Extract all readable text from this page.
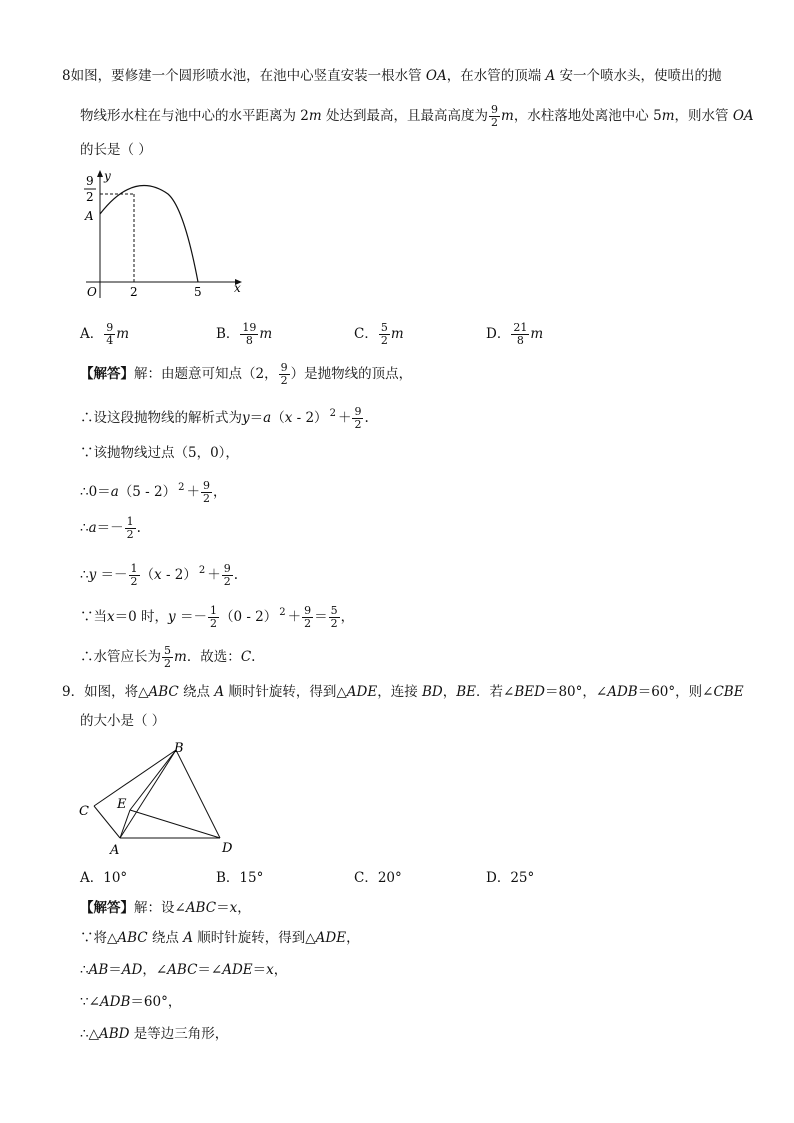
8如图，要修建一个圆形喷水池，在池中心竖直安装一根水管 OA，在水管的顶端 A 安一个喷水头，使喷出的抛
物线形水柱在与池中心的水平距离为 2m 处达到最高，且最高高度为 $\frac{9}{2}$ m，水柱落地处离池中心 5m，则水管 OA
的长是（ ）
9
2
y
A
O	2	5	x
A． $\frac{9}{4}$ m	B． $\frac{19}{8}$ m	C． $\frac{5}{2}$ m	D． $\frac{21}{8}$ m
【解答】解：由题意可知点（2， $\frac{9}{2}$ ）是抛物线的顶点，
∴设这段抛物线的解析式为y＝a（x - 2） $^2 + \frac{9}{2}$ .
∵该抛物线过点（5，0），
∴0＝a（5 - 2） $^2 + \frac{9}{2}$ ，
∴a＝－ $\frac{1}{2}$ .
∴y ＝－ $\frac{1}{2} (x - 2) ^2 + \frac{9}{2}$ .
∵当x＝0 时，$y =- \frac{1}{2} (0 - 2) ^2 + \frac{9}{2} = \frac{5}{2}$ ，
∴水管应长为 $\frac{5}{2}$ m．故选：C.
9．如图，将△ABC 绕点 A 顺时针旋转，得到△ADE，连接 BD，BE．若∠BED＝80°，∠ADB＝60°，则∠CBE
的大小是（ ）
B
C E
A	D
A．10°	B．15°	C．20°	D．25°
【解答】解：设∠ABC＝x，
∵将△ABC 绕点 A 顺时针旋转，得到△ADE，
∴AB＝AD，∠ABC＝∠ADE＝x，
∵∠ADB＝60°，
∴△ABD 是等边三角形，
